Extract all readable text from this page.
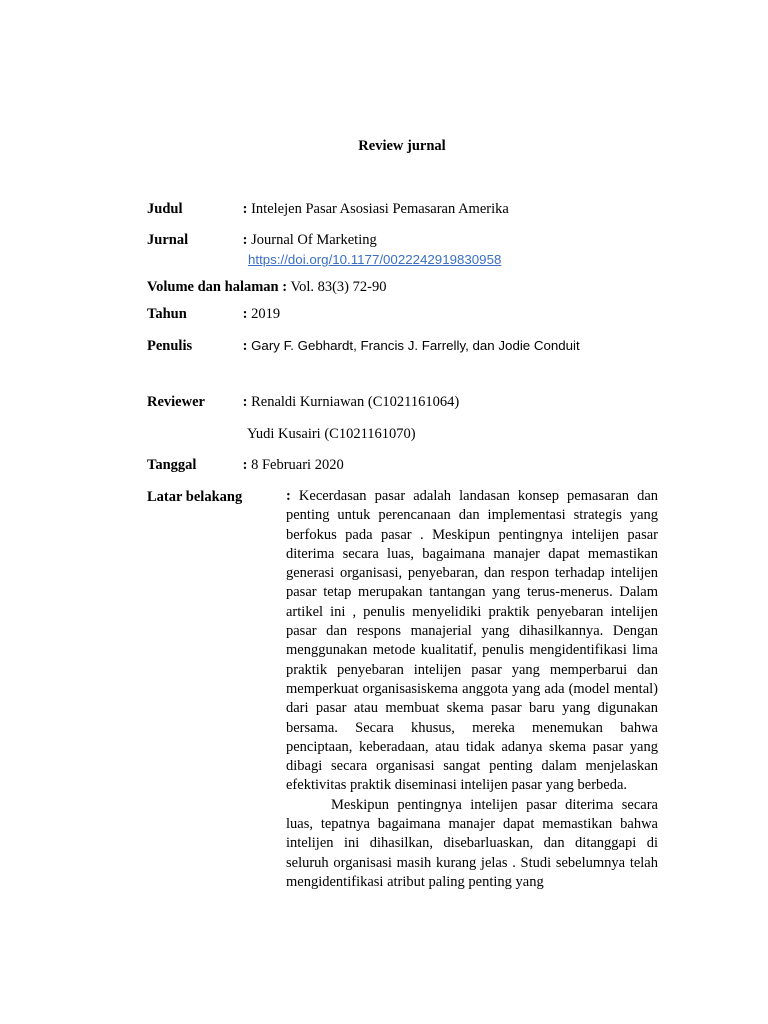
Review jurnal
Judul	: Intelejen Pasar Asosiasi Pemasaran Amerika
Jurnal	: Journal Of Marketing
https://doi.org/10.1177/0022242919830958
Volume dan halaman : Vol. 83(3) 72-90
Tahun	: 2019
Penulis	: Gary F. Gebhardt, Francis J. Farrelly, dan Jodie Conduit
Reviewer	: Renaldi Kurniawan (C1021161064)
Yudi Kusairi (C1021161070)
Tanggal	: 8 Februari 2020
Latar belakang	: Kecerdasan pasar adalah landasan konsep pemasaran dan penting untuk perencanaan dan implementasi strategis yang berfokus pada pasar . Meskipun pentingnya intelijen pasar diterima secara luas, bagaimana manajer dapat memastikan generasi organisasi, penyebaran, dan respon terhadap intelijen pasar tetap merupakan tantangan yang terus-menerus. Dalam artikel ini , penulis menyelidiki praktik penyebaran intelijen pasar dan respons manajerial yang dihasilkannya. Dengan menggunakan metode kualitatif, penulis mengidentifikasi lima praktik penyebaran intelijen pasar yang memperbarui dan memperkuat organisasiskema anggota yang ada (model mental) dari pasar atau membuat skema pasar baru yang digunakan bersama. Secara khusus, mereka menemukan bahwa penciptaan, keberadaan, atau tidak adanya skema pasar yang dibagi secara organisasi sangat penting dalam menjelaskan efektivitas praktik diseminasi intelijen pasar yang berbeda.

Meskipun pentingnya intelijen pasar diterima secara luas, tepatnya bagaimana manajer dapat memastikan bahwa intelijen ini dihasilkan, disebarluaskan, dan ditanggapi di seluruh organisasi masih kurang jelas . Studi sebelumnya telah mengidentifikasi atribut paling penting yang
